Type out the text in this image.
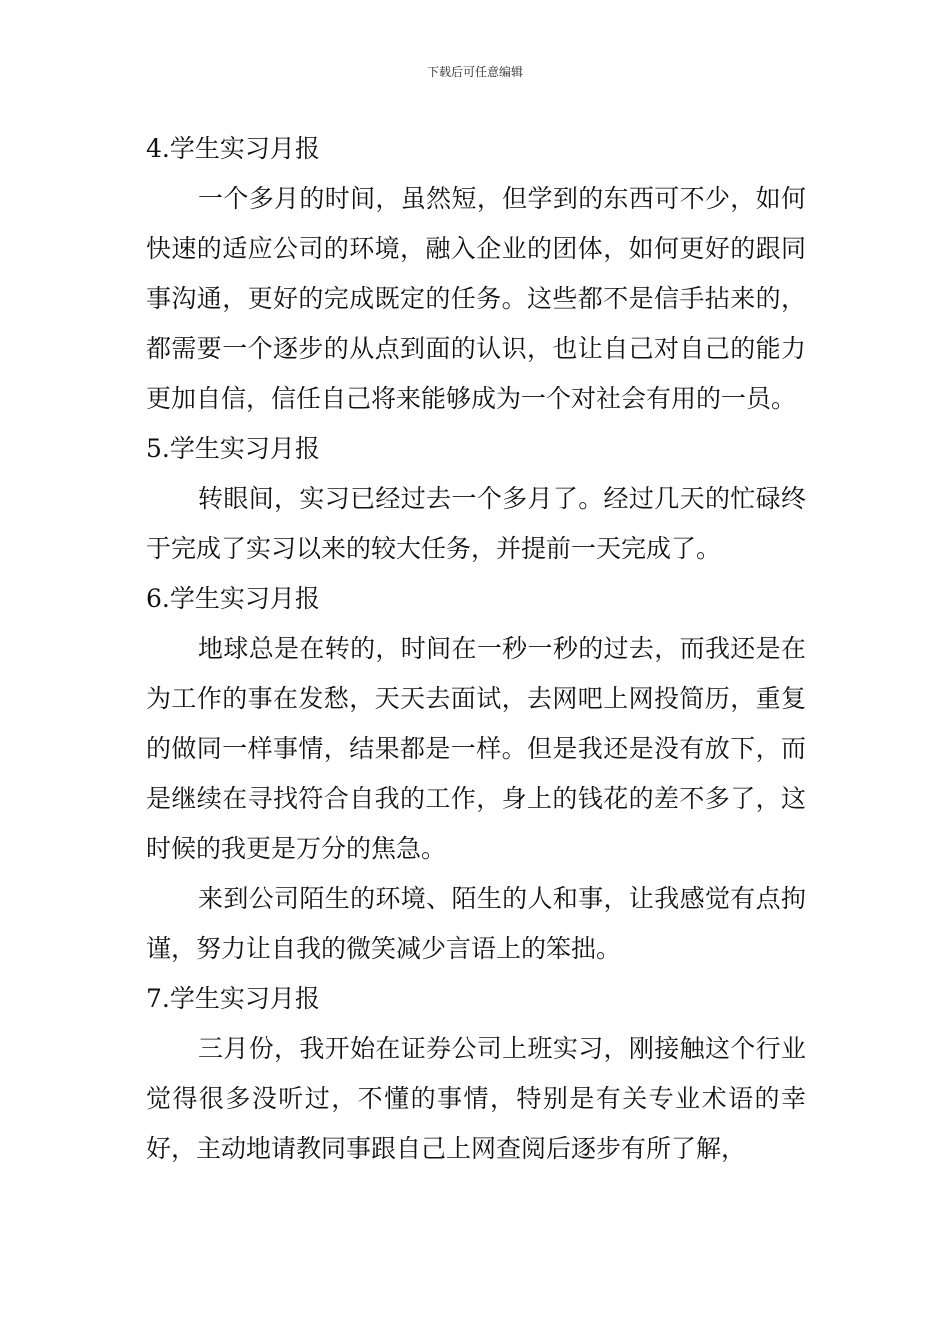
下载后可任意编辑
4.学生实习月报

一个多月的时间，虽然短，但学到的东西可不少，如何快速的适应公司的环境，融入企业的团体，如何更好的跟同事沟通，更好的完成既定的任务。这些都不是信手拈来的，都需要一个逐步的从点到面的认识，也让自己对自己的能力更加自信，信任自己将来能够成为一个对社会有用的一员。

5.学生实习月报

转眼间，实习已经过去一个多月了。经过几天的忙碌终于完成了实习以来的较大任务，并提前一天完成了。

6.学生实习月报

地球总是在转的，时间在一秒一秒的过去，而我还是在为工作的事在发愁，天天去面试，去网吧上网投简历，重复的做同一样事情，结果都是一样。但是我还是没有放下，而是继续在寻找符合自我的工作，身上的钱花的差不多了，这时候的我更是万分的焦急。

来到公司陌生的环境、陌生的人和事，让我感觉有点拘谨，努力让自我的微笑减少言语上的笨拙。

7.学生实习月报

三月份，我开始在证券公司上班实习，刚接触这个行业觉得很多没听过，不懂的事情，特别是有关专业术语的幸好，主动地请教同事跟自己上网查阅后逐步有所了解，
